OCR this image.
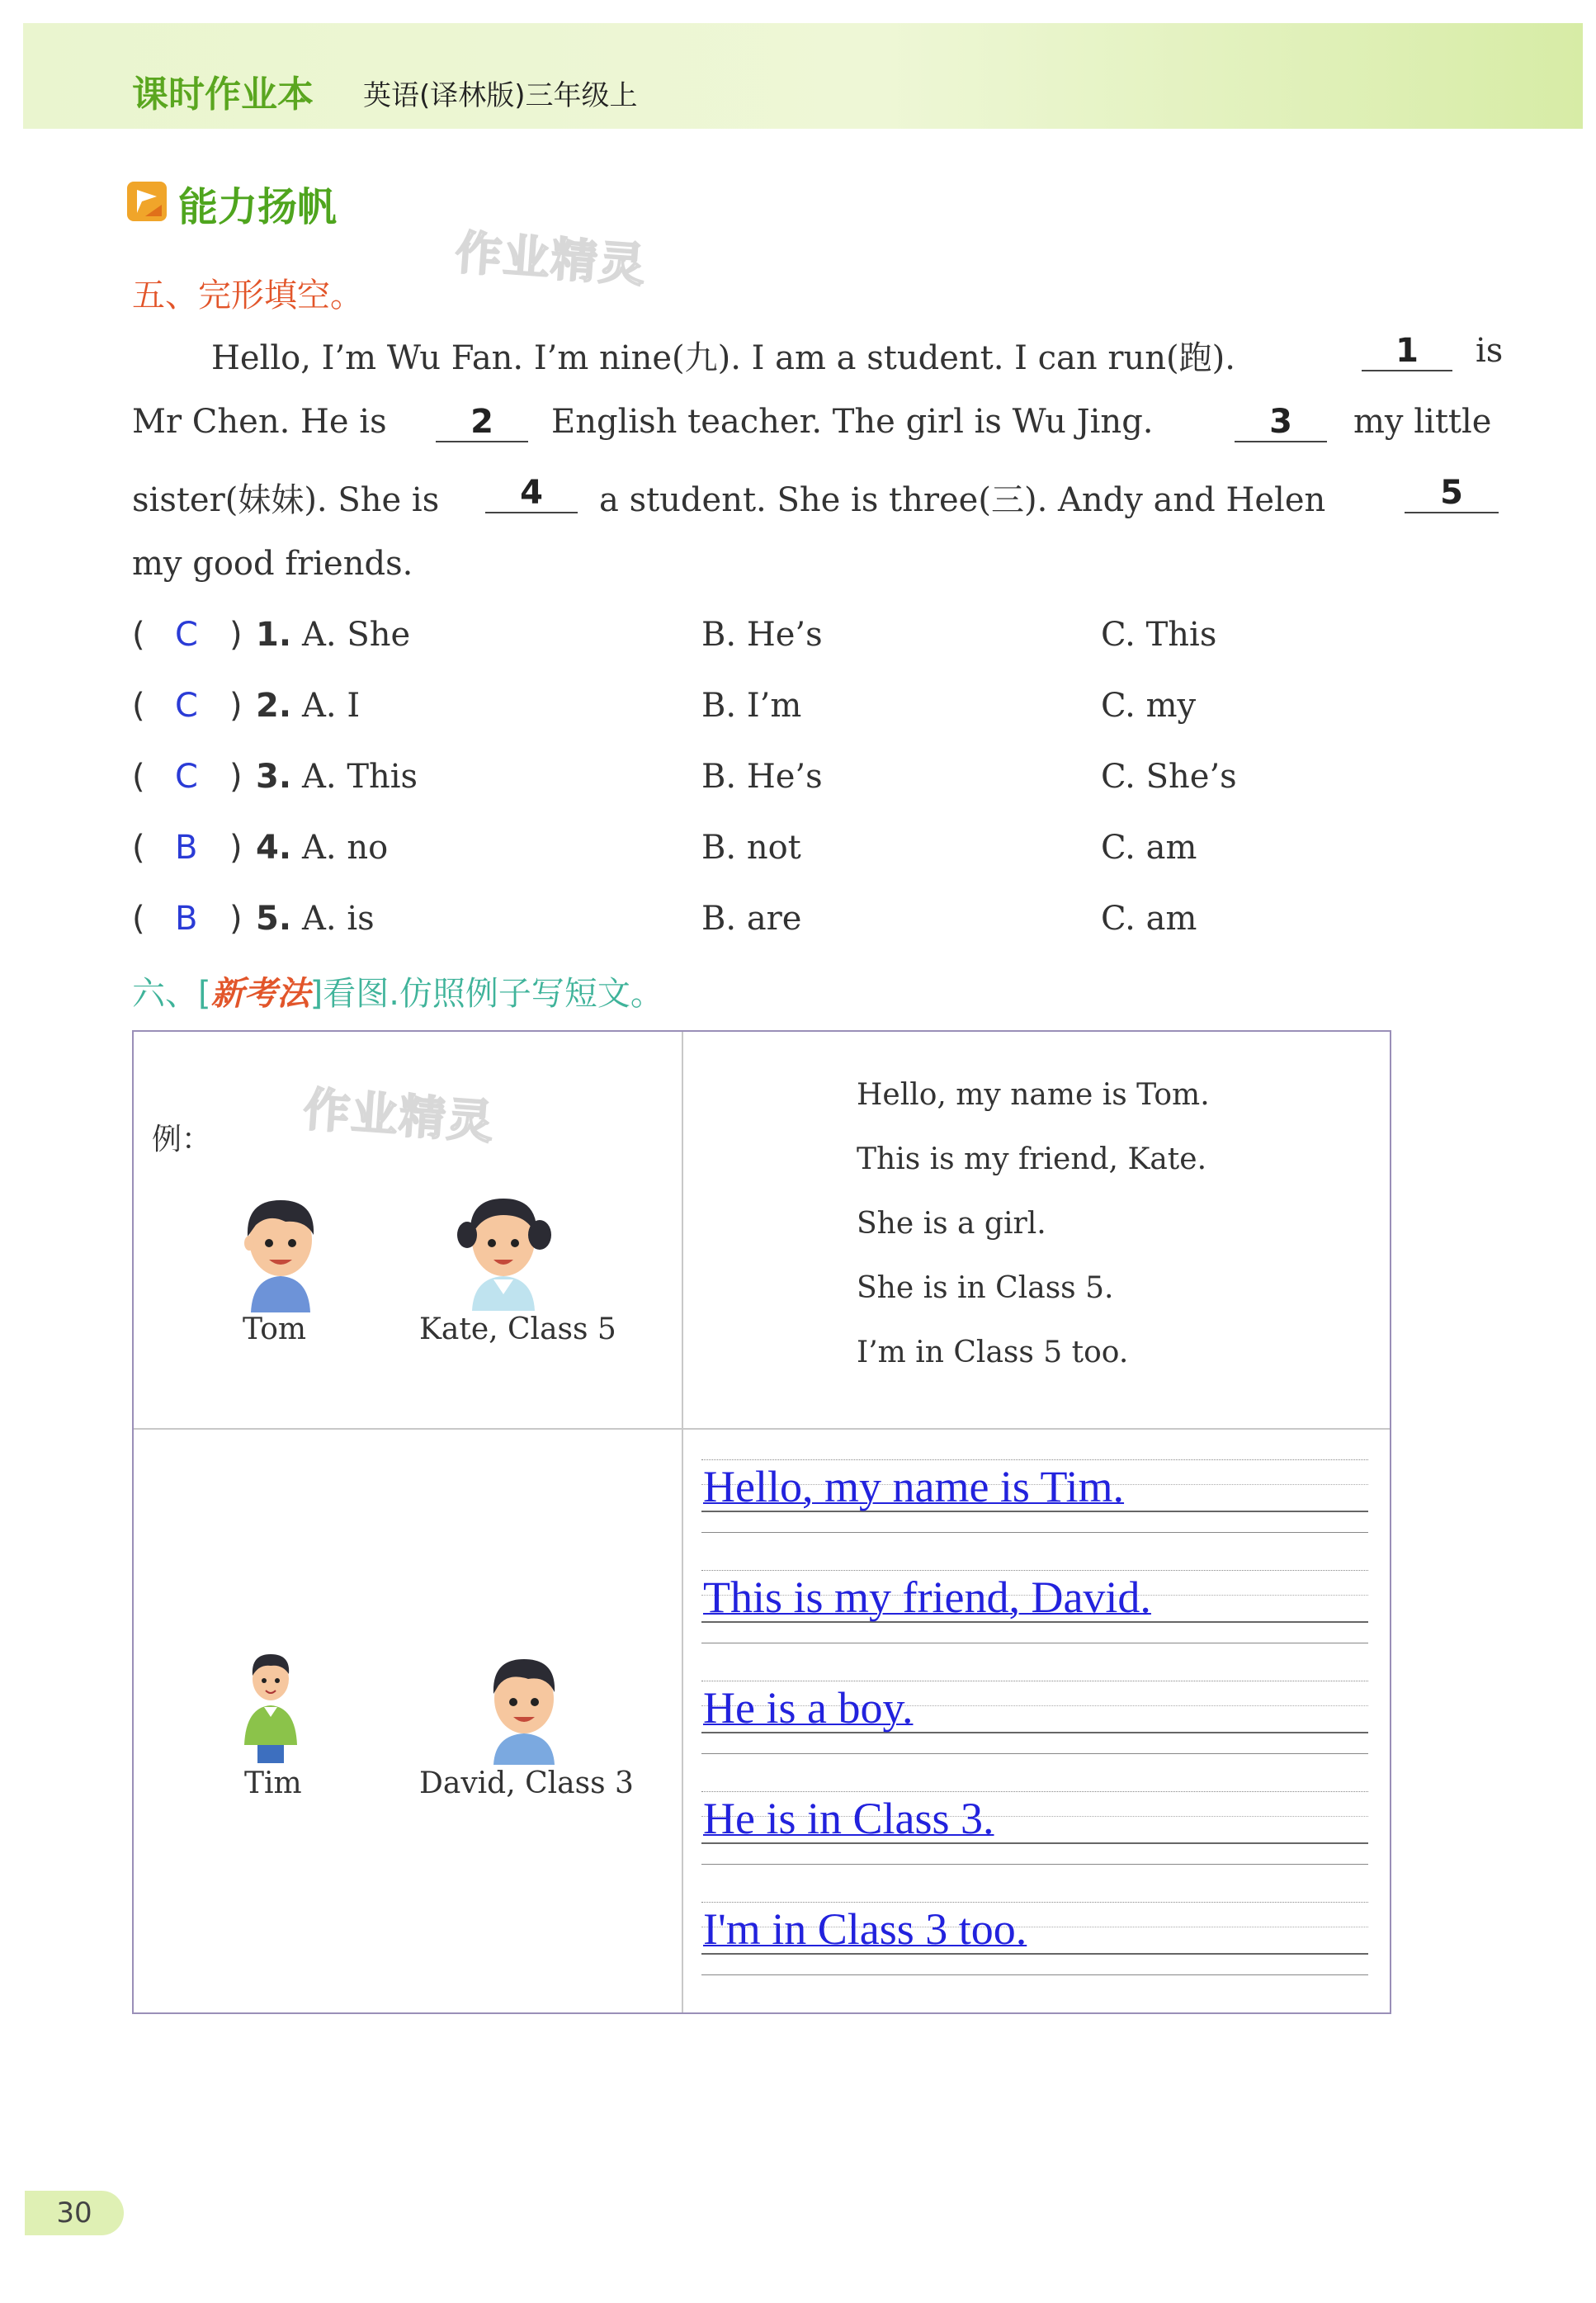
课时作业本 英语(译林版)三年级上
能力扬帆
作业精灵
作业精灵
五、完形填空。
Hello, I’m Wu Fan. I’m nine(九). I am a student. I can run(跑).	1	is
Mr Chen. He is	2	English teacher. The girl is Wu Jing.	3	my little
sister(妹妹). She is	4	a student. She is three(三). Andy and Helen	5
my good friends.
( C ) 1. A. She	B. He’s	C. This
( C ) 2. A. I	B. I’m	C. my
( C ) 3. A. This	B. He’s	C. She’s
( B ) 4. A. no	B. not	C. am
( B ) 5. A. is	B. are	C. am
六、[新考法]看图.仿照例子写短文。
例：
Tom	Kate, Class 5
Hello, my name is Tom.
This is my friend, Kate.
She is a girl.
She is in Class 5.
I’m in Class 5 too.
Tim	David, Class 3
Hello, my name is Tim.
This is my friend, David.
He is a boy.
He is in Class 3.
I'm in Class 3 too.
30
